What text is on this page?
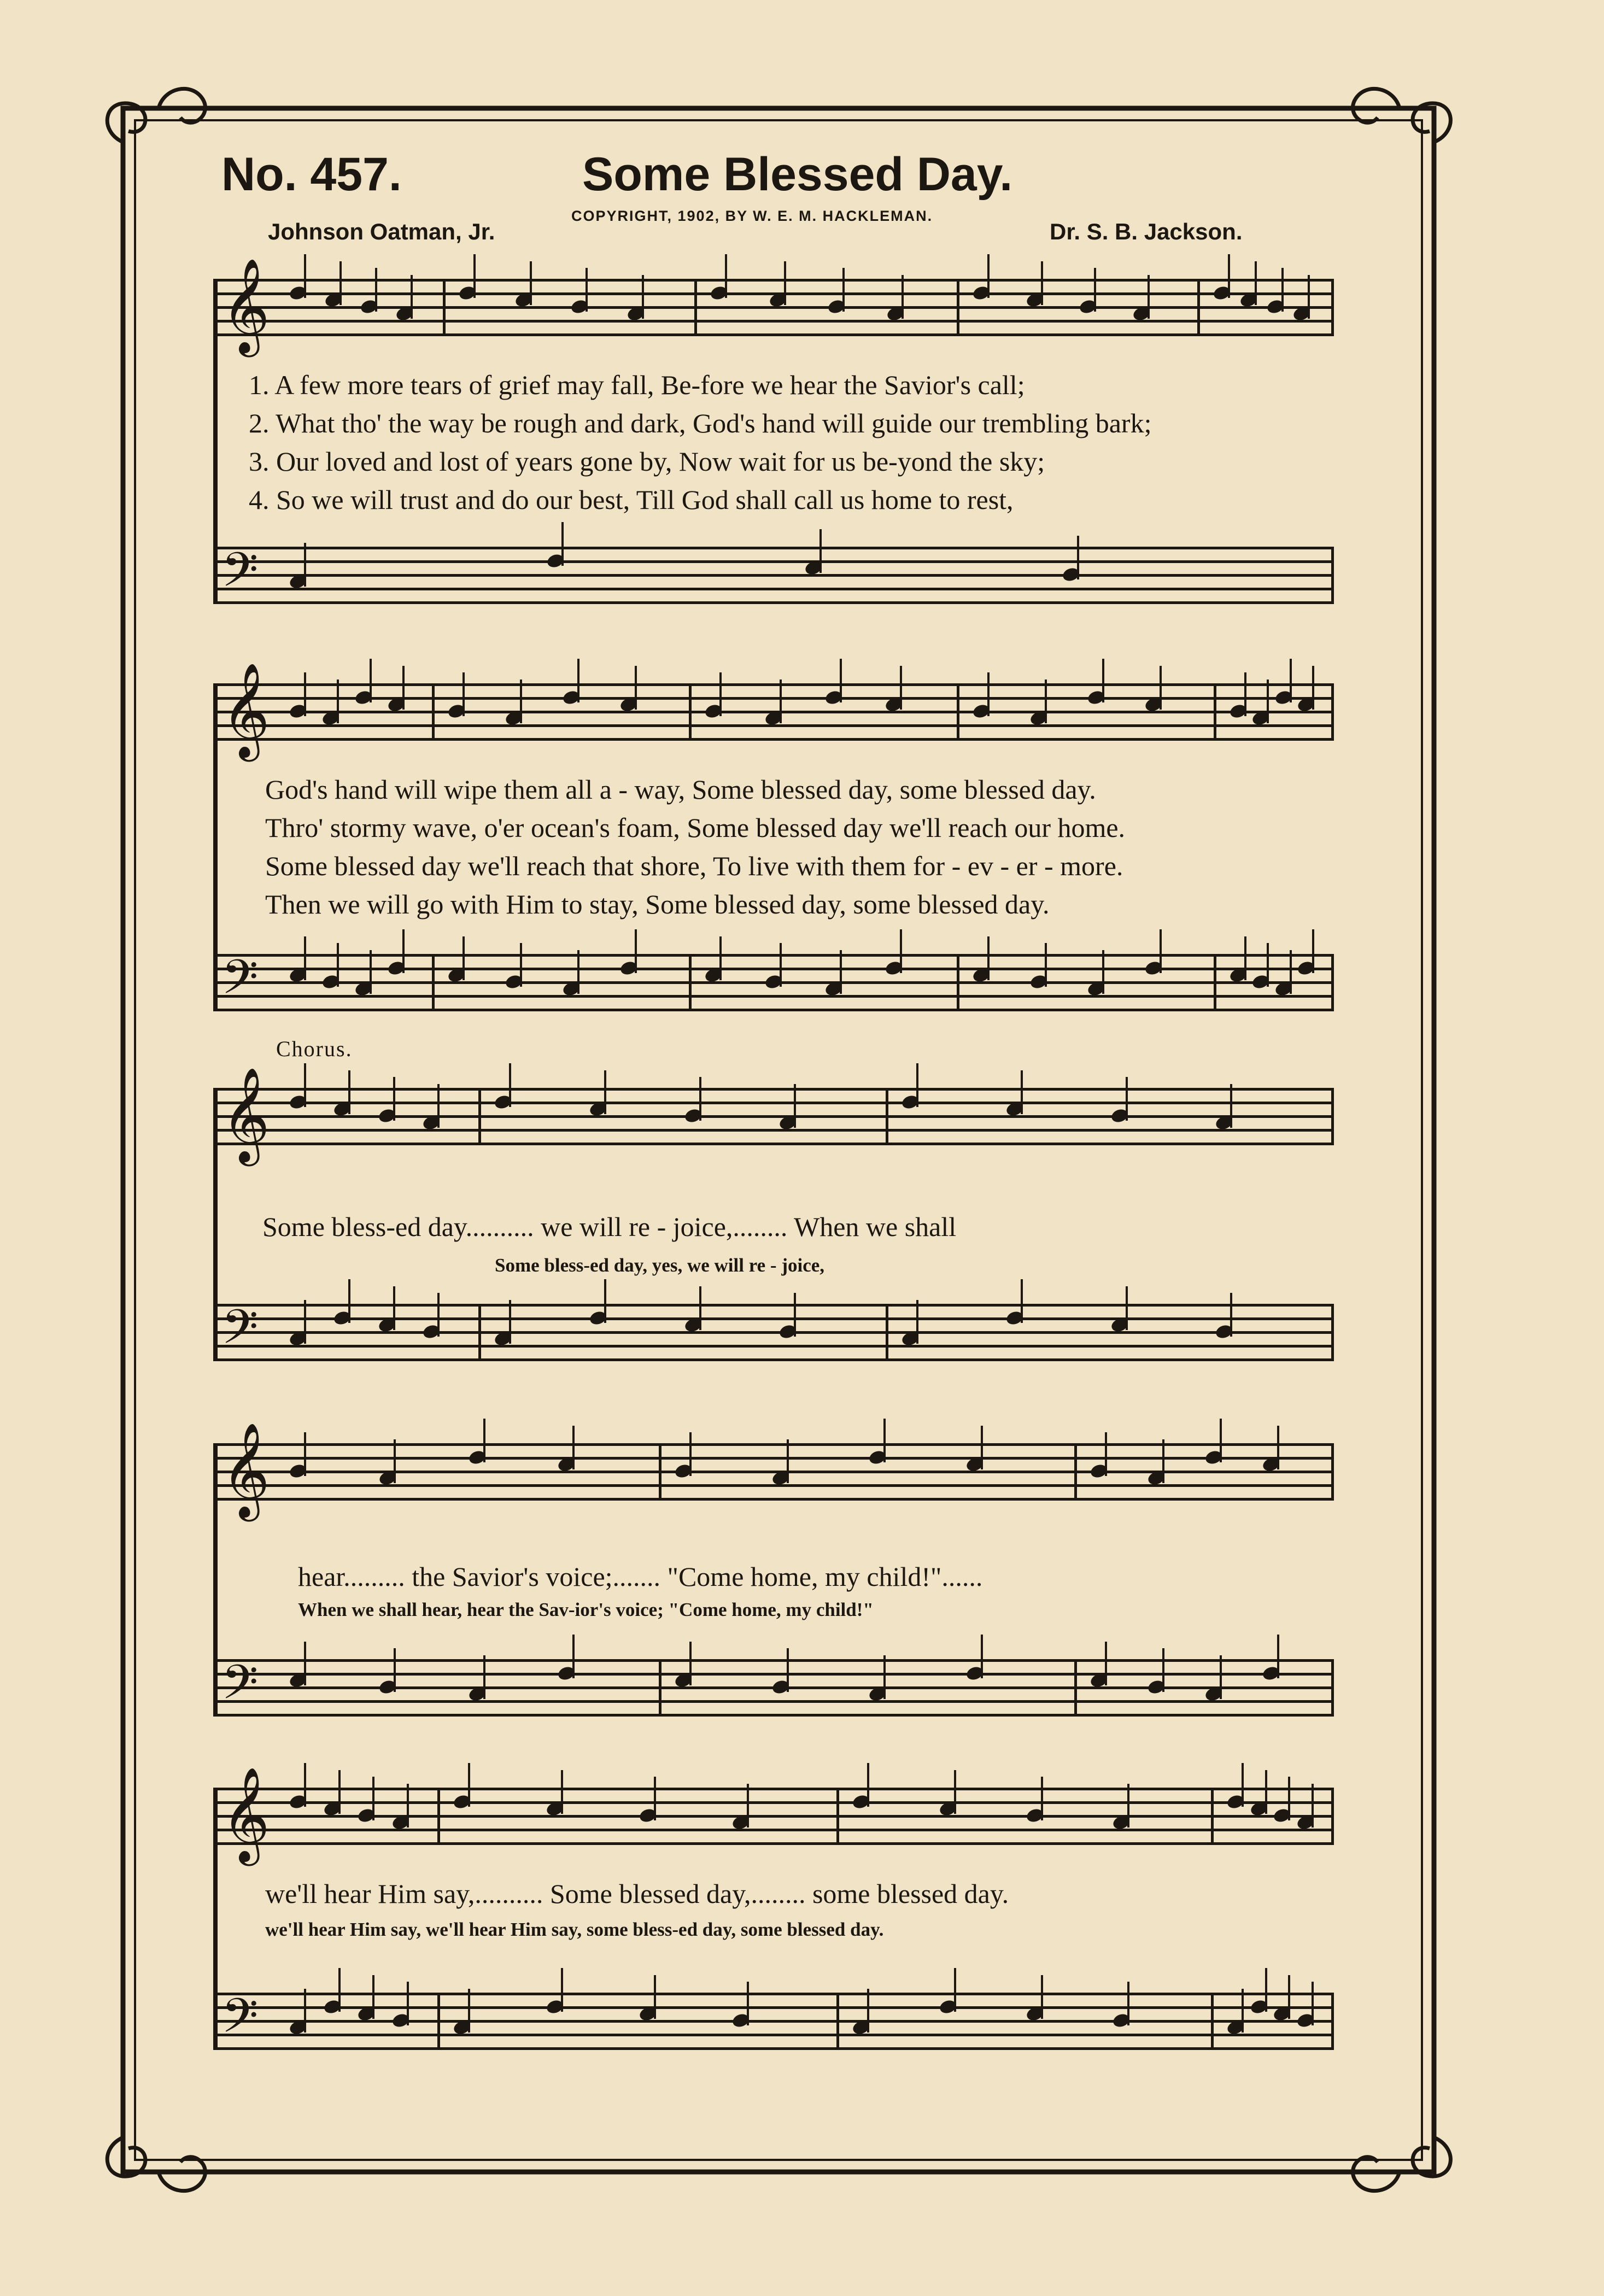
No. 457.	Some Blessed Day.
COPYRIGHT, 1902, BY W. E. M. HACKLEMAN.
Johnson Oatman, Jr.	Dr. S. B. Jackson.
𝄞
𝄢
𝄞
𝄢
𝄞
𝄢
𝄞
𝄢
𝄞
𝄢
1. A few more tears of grief may fall, Be-fore we hear the Savior's call;
2. What tho' the way be rough and dark, God's hand will guide our trembling bark;
3. Our loved and lost of years gone by, Now wait for us be-yond the sky;
4. So we will trust and do our best, Till God shall call us home to rest,
God's hand will wipe them all a - way, Some blessed day, some blessed day.
Thro' stormy wave, o'er ocean's foam, Some blessed day we'll reach our home.
Some blessed day we'll reach that shore, To live with them for - ev - er - more.
Then we will go with Him to stay, Some blessed day, some blessed day.
Chorus.
Some bless-ed day.......... we will re - joice,........ When we shall
Some bless-ed day, yes, we will re - joice,
hear......... the Savior's voice;....... "Come home, my child!"......
When we shall hear, hear the Sav-ior's voice; "Come home, my child!"
we'll hear Him say,.......... Some blessed day,........ some blessed day.
we'll hear Him say, we'll hear Him say, some bless-ed day, some blessed day.
